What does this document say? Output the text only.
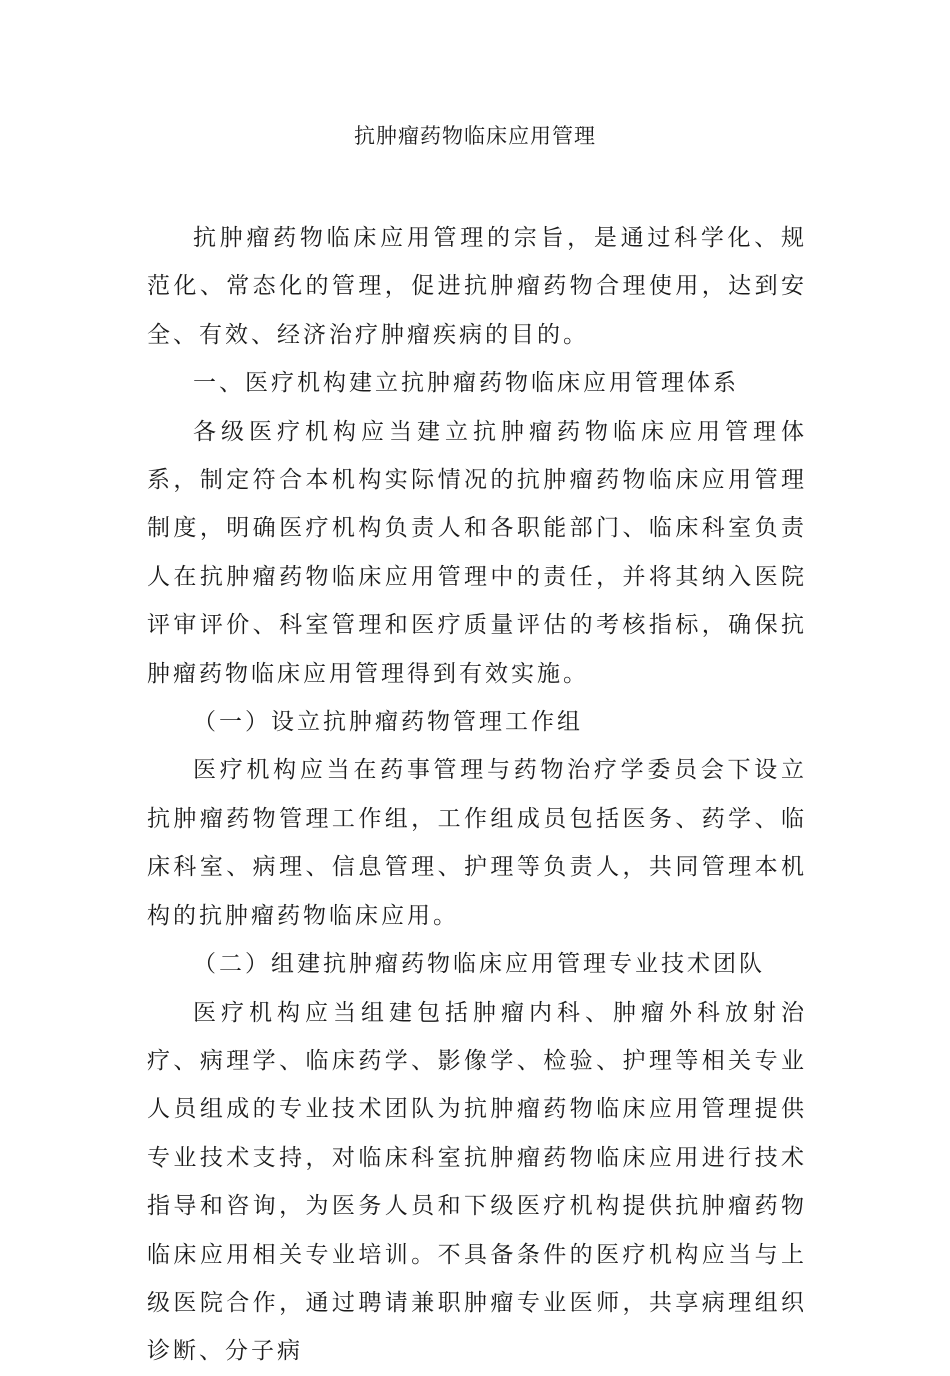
抗肿瘤药物临床应用管理

抗肿瘤药物临床应用管理的宗旨，是通过科学化、规范化、常态化的管理，促进抗肿瘤药物合理使用，达到安全、有效、经济治疗肿瘤疾病的目的。

一、医疗机构建立抗肿瘤药物临床应用管理体系

各级医疗机构应当建立抗肿瘤药物临床应用管理体系，制定符合本机构实际情况的抗肿瘤药物临床应用管理制度，明确医疗机构负责人和各职能部门、临床科室负责人在抗肿瘤药物临床应用管理中的责任，并将其纳入医院评审评价、科室管理和医疗质量评估的考核指标，确保抗肿瘤药物临床应用管理得到有效实施。

（一）设立抗肿瘤药物管理工作组

医疗机构应当在药事管理与药物治疗学委员会下设立抗肿瘤药物管理工作组，工作组成员包括医务、药学、临床科室、病理、信息管理、护理等负责人，共同管理本机构的抗肿瘤药物临床应用。

（二）组建抗肿瘤药物临床应用管理专业技术团队

医疗机构应当组建包括肿瘤内科、肿瘤外科放射治疗、病理学、临床药学、影像学、检验、护理等相关专业人员组成的专业技术团队为抗肿瘤药物临床应用管理提供专业技术支持，对临床科室抗肿瘤药物临床应用进行技术指导和咨询，为医务人员和下级医疗机构提供抗肿瘤药物临床应用相关专业培训。不具备条件的医疗机构应当与上级医院合作，通过聘请兼职肿瘤专业医师，共享病理组织诊断、分子病
